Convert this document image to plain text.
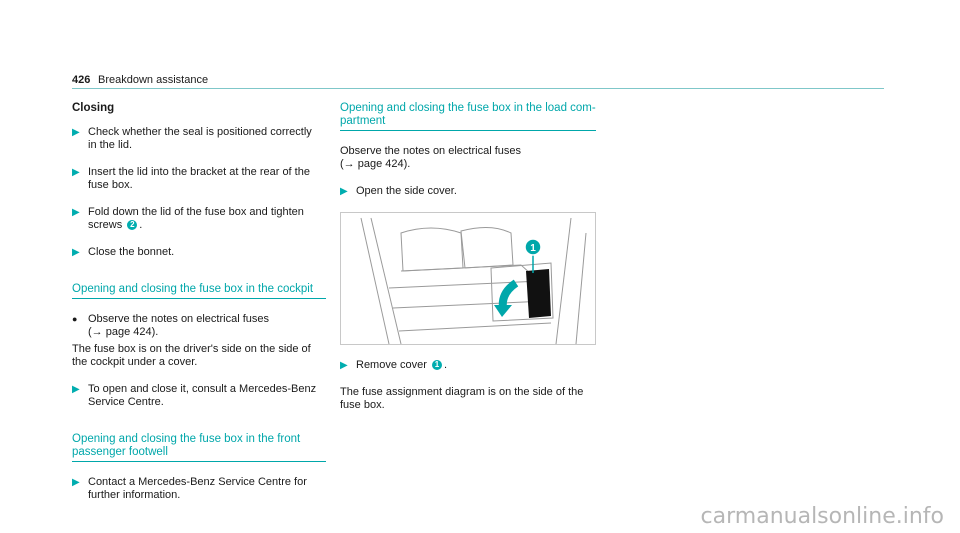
426 Breakdown assistance
Closing
▶ Check whether the seal is positioned correctly
in the lid.
▶ Insert the lid into the bracket at the rear of the
fuse box.
▶ Fold down the lid of the fuse box and tighten
screws 2 .
▶ Close the bonnet.
Opening and closing the fuse box in the cockpit
● Observe the notes on electrical fuses
(→ page 424).

The fuse box is on the driver's side on the side of
the cockpit under a cover.

▶ To open and close it, consult a Mercedes-Benz
Service Centre.
Opening and closing the fuse box in the front
passenger footwell
▶ Contact a Mercedes-Benz Service Centre for
further information.
Opening and closing the fuse box in the load com-
partment

Observe the notes on electrical fuses
(→ page 424).

▶ Open the side cover.
1
▶ Remove cover 1 .

The fuse assignment diagram is on the side of the
fuse box.

carmanualsonline.info
